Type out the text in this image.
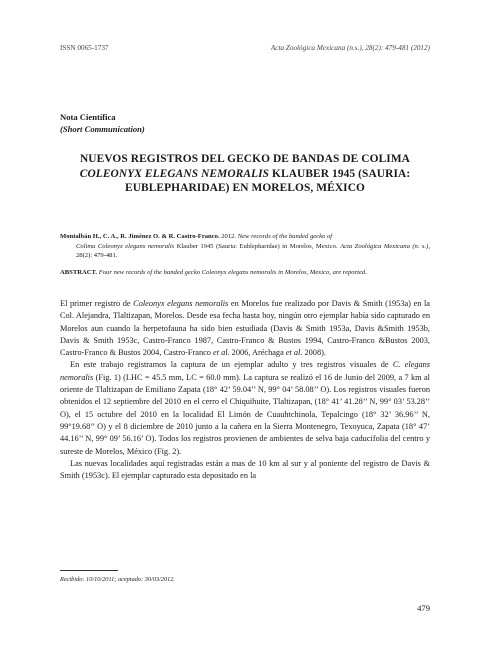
ISSN 0065-1737	Acta Zoológica Mexicana (n.s.), 28(2): 479-481 (2012)
Nota Científica
(Short Communication)
NUEVOS REGISTROS DEL GECKO DE BANDAS DE COLIMA
COLEONYX ELEGANS NEMORALIS KLAUBER 1945 (SAURIA:
EUBLEPHARIDAE) EN MORELOS, MÉXICO
Montalbán H., C. A., R. Jiménez O. & R. Castro-Franco. 2012. New records of the banded gecko of
Colima Coleonyx elegans nemoralis Klauber 1945 (Sauria: Eublepharidae) in Morelos, Mexico. Acta Zoológica Mexicana (n. s.), 28(2): 479-481.
ABSTRACT. Four new records of the banded gecko Coleonyx elegans nemoralis in Morelos, Mexico, are reported.

El primer registro de Coleonyx elegans nemoralis en Morelos fue realizado por Davis & Smith (1953a) en la Col. Alejandra, Tlaltizapan, Morelos. Desde esa fecha hasta hoy, ningún otro ejemplar había sido capturado en Morelos aun cuando la herpetofauna ha sido bien estudiada (Davis & Smith 1953a, Davis &Smith 1953b, Davis & Smith 1953c, Castro-Franco 1987, Castro-Franco & Bustos 1994, Castro-Franco &Bustos 2003, Castro-Franco & Bustos 2004, Castro-Franco et al. 2006, Aréchaga et al. 2008).

En este trabajo registramos la captura de un ejemplar adulto y tres registros visuales de C. elegans nemoralis (Fig. 1) (LHC = 45.5 mm, LC = 60.0 mm). La captura se realizó el 16 de Junio del 2009, a 7 km al oriente de Tlaltizapan de Emiliano Zapata (18° 42’ 59.04’’ N, 99° 04’ 58.08’’ O). Los registros visuales fueron obtenidos el 12 septiembre del 2010 en el cerro el Chiquihuite, Tlaltizapan, (18° 41’ 41.28’’ N, 99° 03’ 53.28’’ O), el 15 octubre del 2010 en la localidad El Limón de Cuauhtchinola, Tepalcingo (18° 32’ 36.96’’ N, 99°19.68’’ O) y el 8 diciembre de 2010 junto a la cañera en la Sierra Montenegro, Texoyuca, Zapata (18° 47’ 44.16’’ N, 99° 09’ 56.16’ O). Todos los registros provienen de ambientes de selva baja caducifolia del centro y sureste de Morelos, México (Fig. 2).

Las nuevas localidades aquí registradas están a mas de 10 km al sur y al poniente del registro de Davis & Smith (1953c). El ejemplar capturado esta depositado en la

Recibido: 10/10/2011; aceptado: 30/03/2012.
479
